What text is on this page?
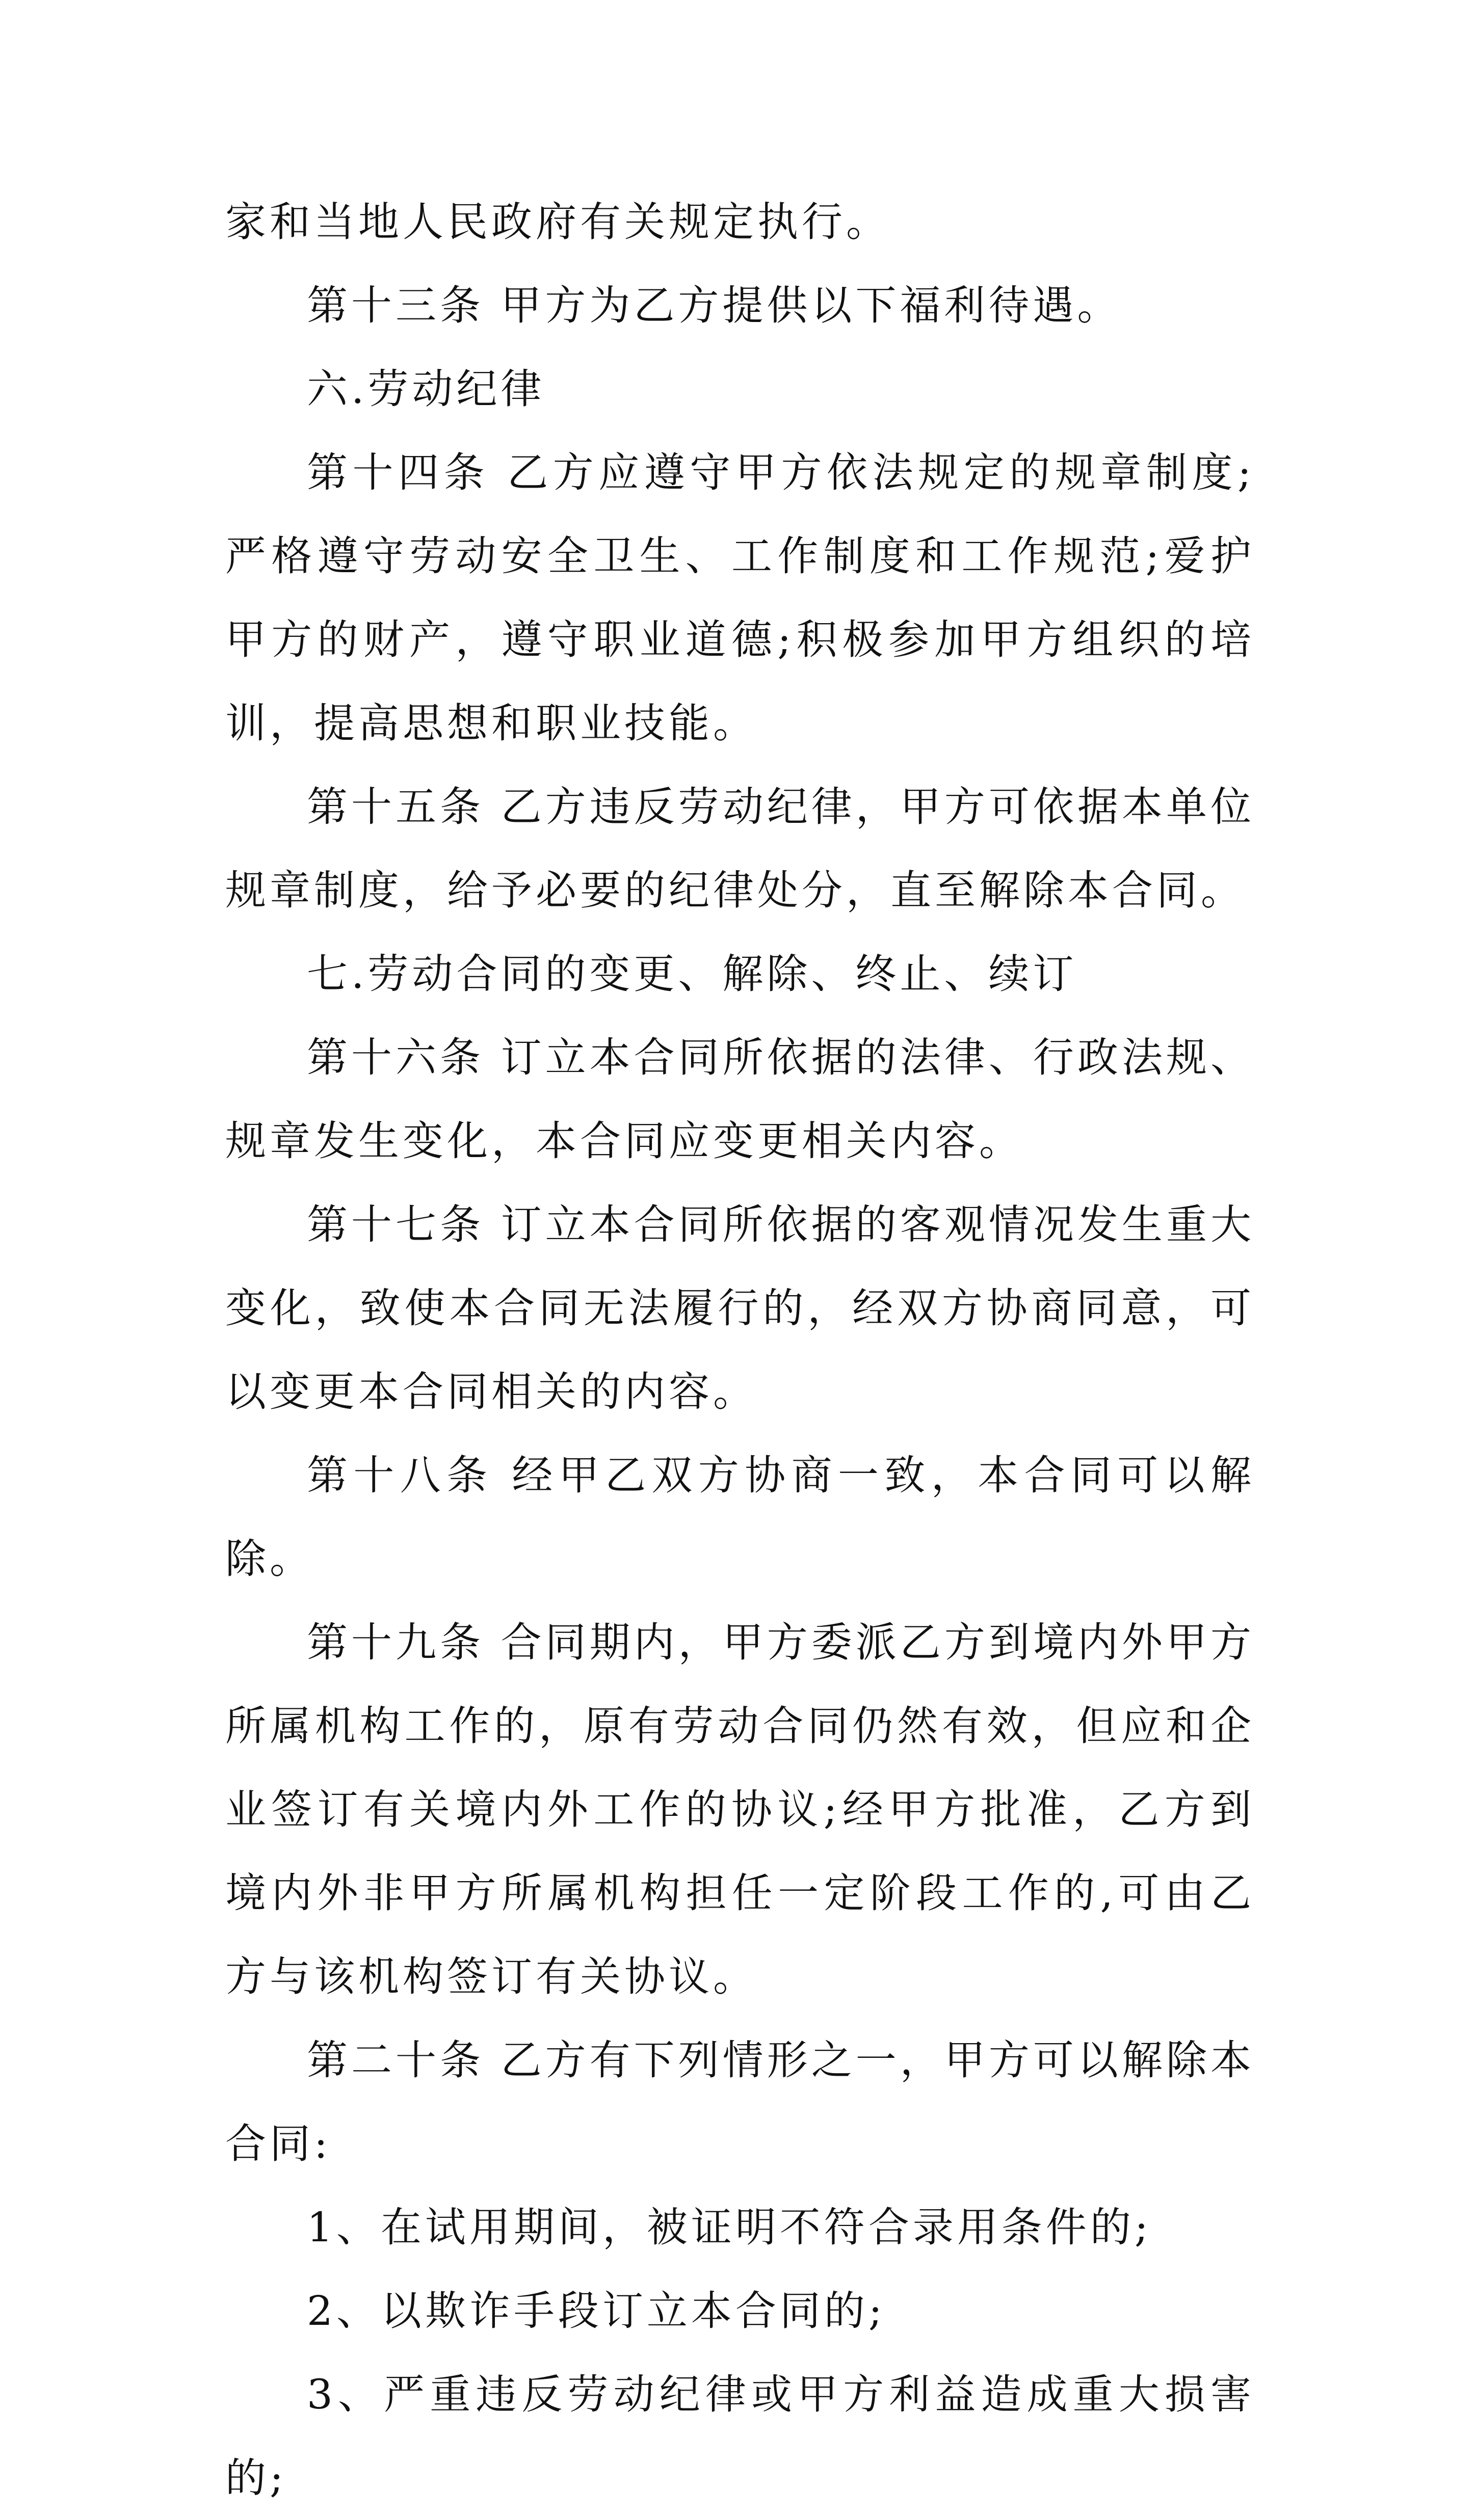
家和当地人民政府有关规定执行。

第十三条 甲方为乙方提供以下福利待遇。

六.劳动纪律

第十四条 乙方应遵守甲方依法规定的规章制度;严格遵守劳动安全卫生、工作制度和工作规范;爱护甲方的财产，遵守职业道德;积极参加甲方组织的培训，提高思想和职业技能。

第十五条 乙方违反劳动纪律，甲方可依据本单位规章制度，给予必要的纪律处分，直至解除本合同。

七.劳动合同的变更、解除、终止、续订

第十六条 订立本合同所依据的法律、行政法规、规章发生变化，本合同应变更相关内容。

第十七条 订立本合同所依据的客观情况发生重大变化，致使本合同无法履行的，经双方协商同意，可以变更本合同相关的内容。

第十八条 经甲乙双方协商一致，本合同可以解除。

第十九条 合同期内，甲方委派乙方到境内外甲方所属机构工作的，原有劳动合同仍然有效，但应和企业签订有关境内外工作的协议;经甲方批准，乙方到境内外非甲方所属机构担任一定阶段工作的,可由乙方与该机构签订有关协议。

第二十条 乙方有下列情形之一，甲方可以解除本合同:

1、在试用期间，被证明不符合录用条件的;

2、以欺诈手段订立本合同的;

3、严重违反劳动纪律或甲方利益造成重大损害的;
